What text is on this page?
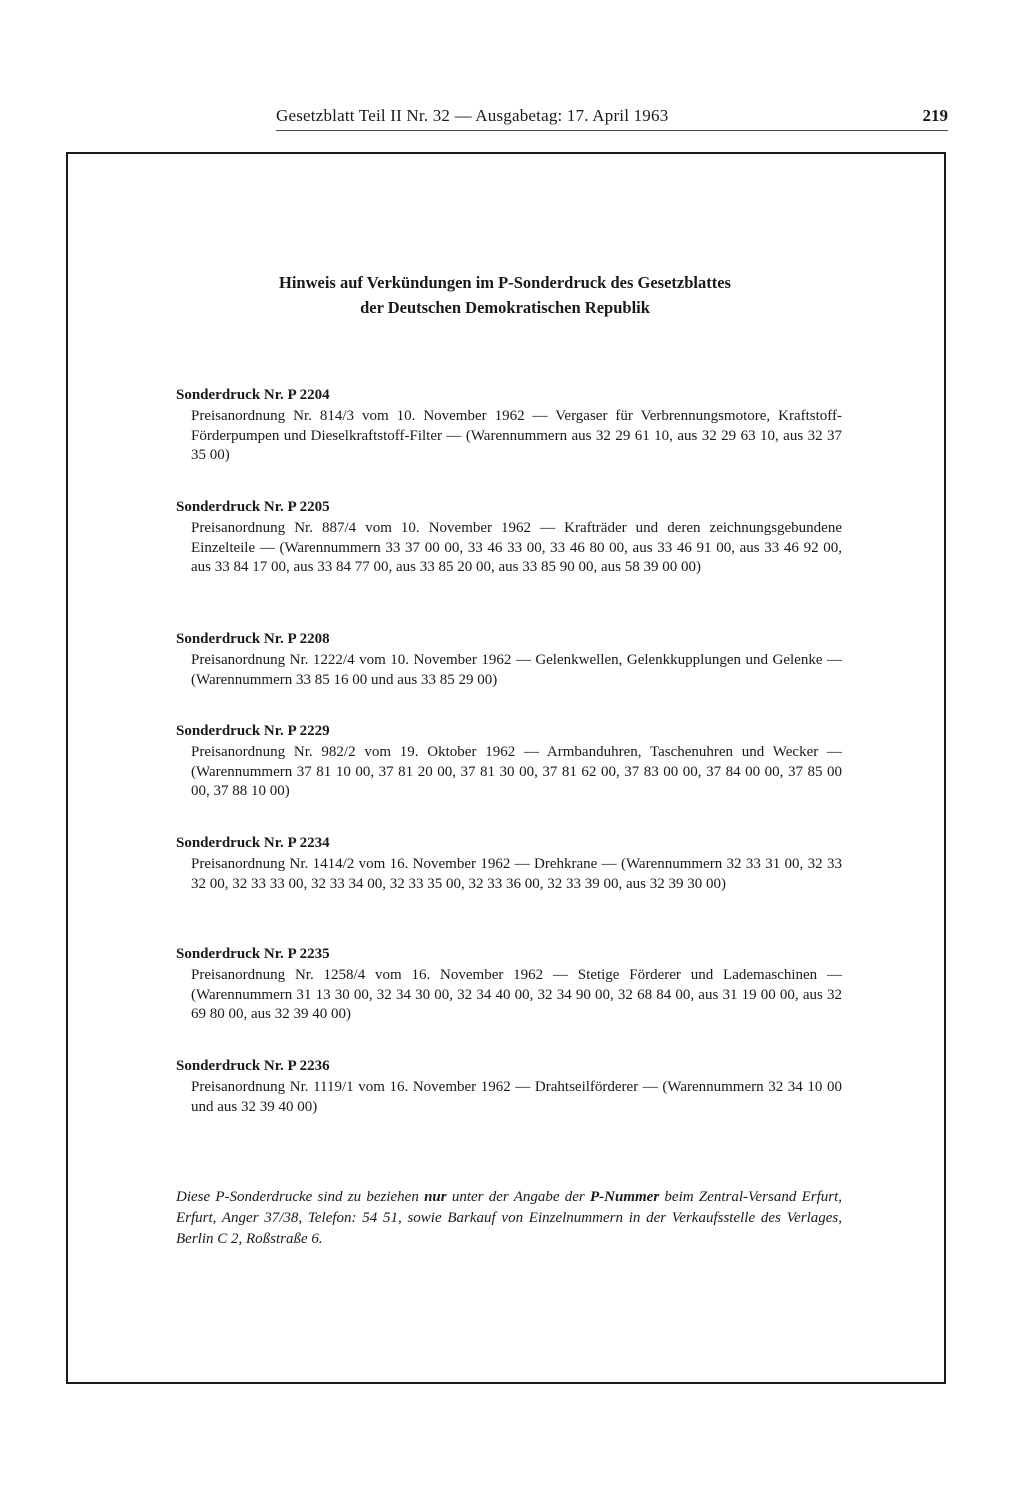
Gesetzblatt Teil II Nr. 32 — Ausgabetag: 17. April 1963	219
Hinweis auf Verkündungen im P-Sonderdruck des Gesetzblattes
der Deutschen Demokratischen Republik
Sonderdruck Nr. P 2204
Preisanordnung Nr. 814/3 vom 10. November 1962 — Vergaser für Verbrennungsmotore, Kraftstoff-Förderpumpen und Dieselkraftstoff-Filter — (Warennummern aus 32 29 61 10, aus 32 29 63 10, aus 32 37 35 00)
Sonderdruck Nr. P 2205
Preisanordnung Nr. 887/4 vom 10. November 1962 — Krafträder und deren zeichnungsgebundene Einzelteile — (Warennummern 33 37 00 00, 33 46 33 00, 33 46 80 00, aus 33 46 91 00, aus 33 46 92 00, aus 33 84 17 00, aus 33 84 77 00, aus 33 85 20 00, aus 33 85 90 00, aus 58 39 00 00)
Sonderdruck Nr. P 2208
Preisanordnung Nr. 1222/4 vom 10. November 1962 — Gelenkwellen, Gelenkkupplungen und Gelenke — (Warennummern 33 85 16 00 und aus 33 85 29 00)
Sonderdruck Nr. P 2229
Preisanordnung Nr. 982/2 vom 19. Oktober 1962 — Armbanduhren, Taschenuhren und Wecker — (Warennummern 37 81 10 00, 37 81 20 00, 37 81 30 00, 37 81 62 00, 37 83 00 00, 37 84 00 00, 37 85 00 00, 37 88 10 00)
Sonderdruck Nr. P 2234
Preisanordnung Nr. 1414/2 vom 16. November 1962 — Drehkrane — (Warennummern 32 33 31 00, 32 33 32 00, 32 33 33 00, 32 33 34 00, 32 33 35 00, 32 33 36 00, 32 33 39 00, aus 32 39 30 00)
Sonderdruck Nr. P 2235
Preisanordnung Nr. 1258/4 vom 16. November 1962 — Stetige Förderer und Lademaschinen — (Warennummern 31 13 30 00, 32 34 30 00, 32 34 40 00, 32 34 90 00, 32 68 84 00, aus 31 19 00 00, aus 32 69 80 00, aus 32 39 40 00)
Sonderdruck Nr. P 2236
Preisanordnung Nr. 1119/1 vom 16. November 1962 — Drahtseilförderer — (Warennummern 32 34 10 00 und aus 32 39 40 00)
Diese P-Sonderdrucke sind zu beziehen nur unter der Angabe der P-Nummer beim Zentral-Versand Erfurt, Erfurt, Anger 37/38, Telefon: 54 51, sowie Barkauf von Einzelnummern in der Verkaufsstelle des Verlages, Berlin C 2, Roßstraße 6.
